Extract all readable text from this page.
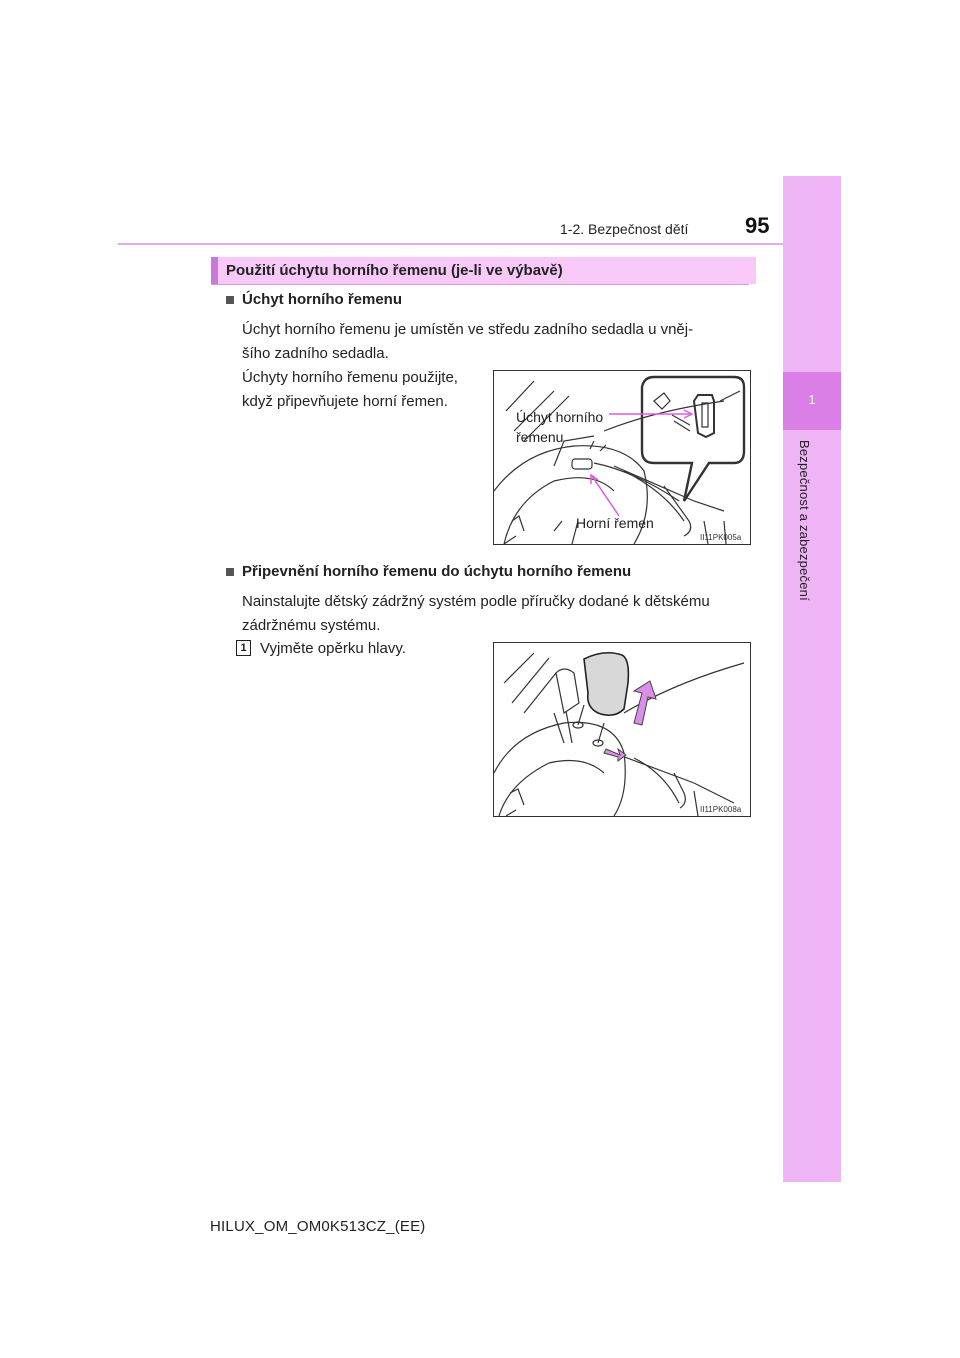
1-2. Bezpečnost dětí	95
1
Bezpečnost a zabezpečení
Použití úchytu horního řemenu (je-li ve výbavě)
Úchyt horního řemenu
Úchyt horního řemenu je umístěn ve středu zadního sedadla u vněj-
šího zadního sedadla.
Úchyty horního řemenu použijte,
když připevňujete horní řemen.
Úchyt horního
řemenu
Horní řemen
II11PK005a
Připevnění horního řemenu do úchytu horního řemenu
Nainstalujte dětský zádržný systém podle příručky dodané k dětskému
zádržnému systému.
1 Vyjměte opěrku hlavy.
II11PK008a
HILUX_OM_OM0K513CZ_(EE)
